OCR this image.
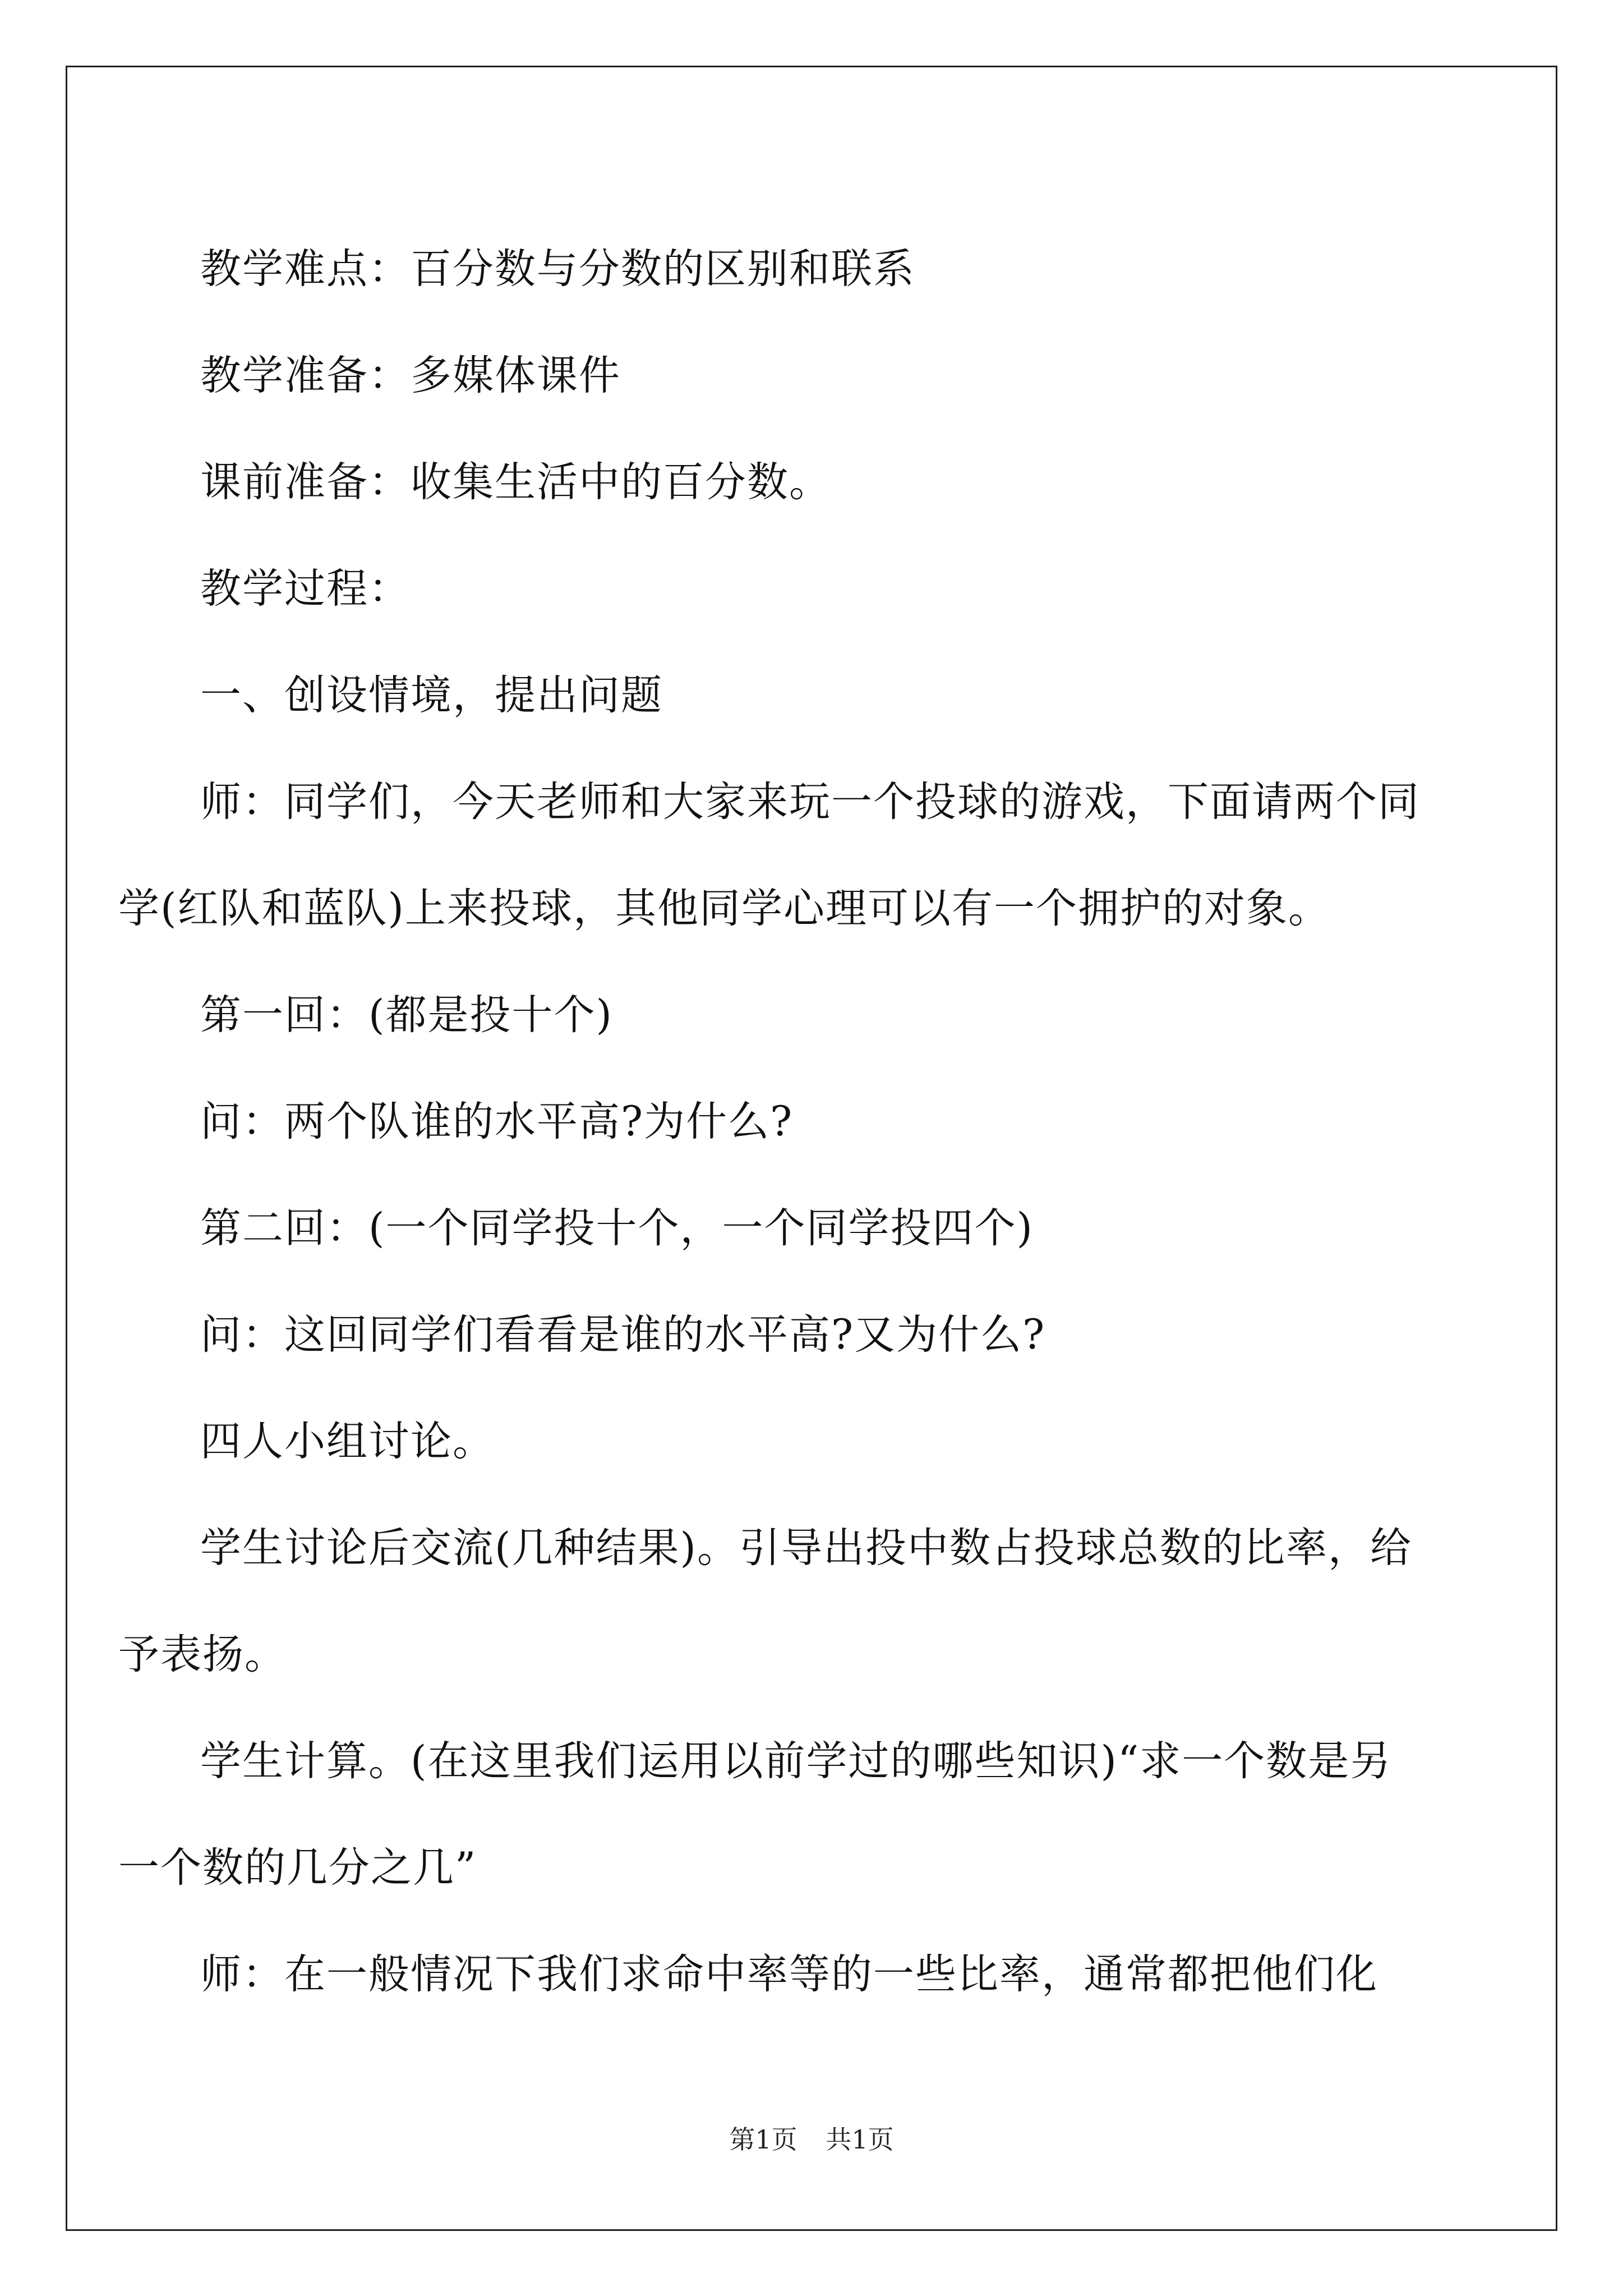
教学难点：百分数与分数的区别和联系

教学准备：多媒体课件

课前准备：收集生活中的百分数。

教学过程：

一、创设情境，提出问题

师：同学们，今天老师和大家来玩一个投球的游戏，下面请两个同学(红队和蓝队)上来投球，其他同学心理可以有一个拥护的对象。

第一回：(都是投十个)

问：两个队谁的水平高?为什么?

第二回：(一个同学投十个，一个同学投四个)

问：这回同学们看看是谁的水平高?又为什么?

四人小组讨论。

学生讨论后交流(几种结果)。引导出投中数占投球总数的比率，给予表扬。

学生计算。(在这里我们运用以前学过的哪些知识)“求一个数是另一个数的几分之几”

师：在一般情况下我们求命中率等的一些比率，通常都把他们化

第1页 共1页
